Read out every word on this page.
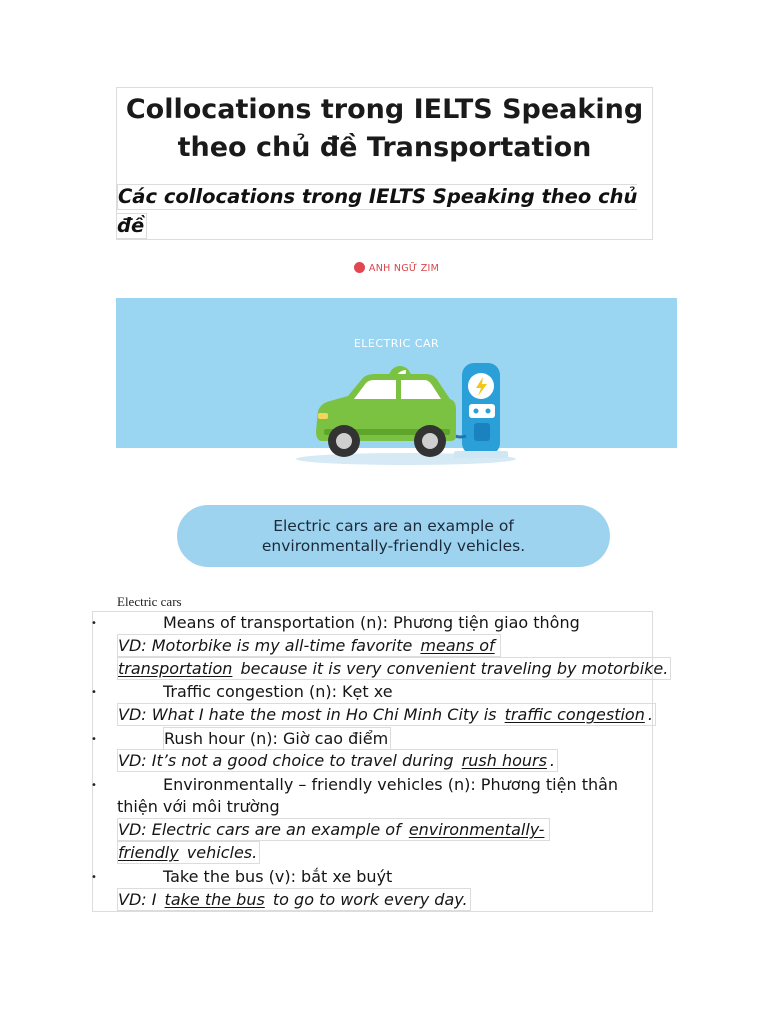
Collocations trong IELTS Speaking theo chủ đề Transportation
Các collocations trong IELTS Speaking theo chủ đề

ANH NGỮ ZIM
ELECTRIC CAR
Electric cars are an example of
environmentally-friendly vehicles.
Electric cars
•	Means of transportation (n): Phương tiện giao thông
VD: Motorbike is my all-time favorite means of
transportation because it is very convenient traveling by motorbike.
•	Traffic congestion (n): Kẹt xe
VD: What I hate the most in Ho Chi Minh City is traffic congestion .
•	Rush hour (n): Giờ cao điểm
VD: It’s not a good choice to travel during rush hours .
•	Environmentally – friendly vehicles (n): Phương tiện thân
thiện với môi trường
VD: Electric cars are an example of environmentally-
friendly vehicles.
•	Take the bus (v): bắt xe buýt
VD: I take the bus to go to work every day.
